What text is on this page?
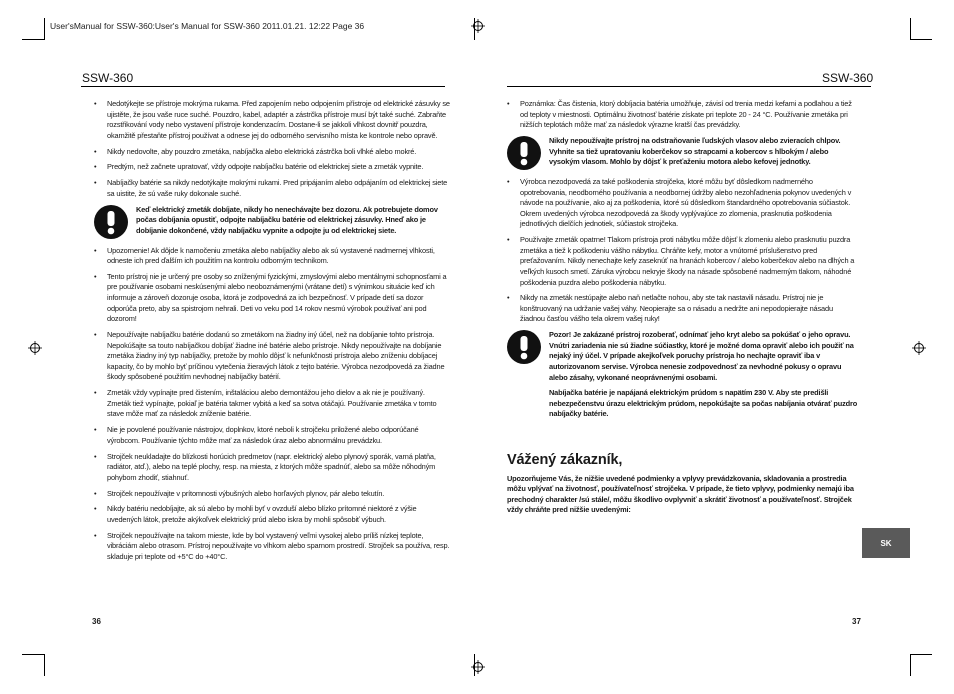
User'sManual for SSW-360:User's Manual for SSW-360 2011.01.21. 12:22 Page 36
SSW-360	SSW-360
• Nedotýkejte se přístroje mokrýma rukama. Před zapojením nebo odpojením přístroje od elektrické zásuvky se ujistěte, že jsou vaše ruce suché. Pouzdro, kabel, adaptér a zástrčka přístroje musí být také suché. Zabraňte rozstřikování vody nebo vystavení přístroje kondenzacím. Dostane-li se jakkoli vlhkost dovnitř pouzdra, okamžitě přestaňte přístroj používat a odnese jej do odborného servisního místa ke kontrole nebo opravě.
• Nikdy nedovolte, aby pouzdro zmetáka, nabíjačka alebo elektrická zástrčka boli vlhké alebo mokré.
• Predtým, než začnete upratovať, vždy odpojte nabíjačku batérie od elektrickej siete a zmeták vypnite.
• Nabíjačky batérie sa nikdy nedotýkajte mokrými rukami. Pred pripájaním alebo odpájaním od elektrickej siete sa uistite, že sú vaše ruky dokonale suché.
Keď elektrický zmeták dobíjate, nikdy ho nenechávajte bez dozoru. Ak potrebujete domov počas dobíjania opustiť, odpojte nabíjačku batérie od elektrickej zásuvky. Hneď ako je dobíjanie dokončené, vždy nabíjačku vypnite a odpojte ju od elektrickej siete.
• Upozornenie! Ak dôjde k namočeniu zmetáka alebo nabíjačky alebo ak sú vystavené nadmernej vlhkosti, odneste ich pred ďalším ich použitím na kontrolu odborným technikom.
• Tento prístroj nie je určený pre osoby so zníženými fyzickými, zmyslovými alebo mentálnymi schopnosťami a pre používanie osobami neskúsenými alebo neoboznámenými (vrátane detí) s výnimkou situácie keď ich informuje a zároveň dozoruje osoba, ktorá je zodpovedná za ich bezpečnosť. V prípade detí sa dozor odporúča preto, aby sa spistrojom nehrali. Deti vo veku pod 14 rokov nesmú výrobok používať ani pod dozorom!
• Nepoužívajte nabíjačku batérie dodanú so zmetákom na žiadny iný účel, než na dobíjanie tohto prístroja. Nepokúšajte sa touto nabíjačkou dobíjať žiadne iné batérie alebo prístroje. Nikdy nepoužívajte na dobíjanie zmetáka žiadny iný typ nabíjačky, pretože by mohlo dôjsť k nefunkčnosti prístroja alebo zníženiu dobíjacej kapacity, čo by mohlo byť príčinou vytečenia žieravých látok z tejto batérie. Výrobca nezodpovedá za žiadne škody spôsobené použitím nevhodnej nabíjačky batérií.
• Zmeták vždy vypínajte pred čistením, inštaláciou alebo demontážou jeho dielov a ak nie je používaný. Zmeták tiež vypínajte, pokiaľ je batéria takmer vybitá a keď sa sotva otáčajú. Používanie zmetáka v tomto stave môže mať za následok zníženie batérie.
• Nie je povolené používanie nástrojov, doplnkov, ktoré neboli k strojčeku priložené alebo odporúčané výrobcom. Používanie týchto môže mať za následok úraz alebo abnormálnu prevádzku.
• Strojček neukladajte do blízkosti horúcich predmetov (napr. elektrický alebo plynový sporák, varná platňa, radiátor, atď.), alebo na teplé plochy, resp. na miesta, z ktorých môže spadnúť, alebo sa môže nőhodným pohybom zhodiť, stiahnuť.
• Strojček nepoužívajte v prítomnosti výbušných alebo horľavých plynov, pár alebo tekutín.
• Nikdy batériu nedobíjajte, ak sú alebo by mohli byť v ovzduší alebo blízko prítomné niektoré z výšie uvedených látok, pretože akýkoľvek elektrický prúd alebo iskra by mohli spôsobiť výbuch.
• Strojček nepoužívajte na takom mieste, kde by bol vystavený veľmi vysokej alebo príliš nízkej teplote, vibráciám alebo otrasom. Prístroj nepoužívajte vo vlhkom alebo sparnom prostredí. Strojček sa používa, resp. skladuje pri teplote od +5°C do +40°C.
36
• Poznámka: Čas čistenia, ktorý dobíjacia batéria umožňuje, závisí od trenia medzi kefami a podlahou a tiež od teploty v miestnosti. Optimálnu životnosť batérie získate pri teplote 20 - 24 °C. Používanie zmetáka pri nižších teplotách môže mať za následok výrazne kratší čas prevádzky.
Nikdy nepoužívajte prístroj na odstraňovanie ľudských vlasov alebo zvieracích chlpov. Vyhnite sa tiež upratovaniu koberčekov so strapcami a kobercov s hlbokým / alebo vysokým vlasom. Mohlo by dôjsť k preťaženiu motora alebo kefovej jednotky.
• Výrobca nezodpovedá za také poškodenia strojčeka, ktoré môžu byť dôsledkom nadmerného opotrebovania, neodborného používania a neodbornej údržby alebo nezohľadnenia pokynov uvedených v návode na používanie, ako aj za poškodenia, ktoré sú dôsledkom štandardného opotrebovania súčiastok. Okrem uvedených výrobca nezodpovedá za škody vyplývajúce zo zlomenia, prasknutia poškodenia jednotlivých dielčích jednotiek, súčiastok strojčeka.
• Používajte zmeták opatrne! Tlakom prístroja proti nábytku môže dôjsť k zlomeniu alebo prasknutiu puzdra zmetáka a tiež k poškodeniu vášho nábytku. Chráňte kefy, motor a vnútorné príslušenstvo pred preťažovaním. Nikdy nenechajte kefy zaseknúť na hranách kobercov / alebo koberčekov alebo na dlhých a veľkých kusoch smetí. Záruka výrobcu nekryje škody na násade spôsobené nadmerným tlakom, náhodné poškodenia puzdra alebo poškodenia nábytku.
• Nikdy na zmeták nestúpajte alebo naň netlačte nohou, aby ste tak nastavili násadu. Prístroj nie je konštruovaný na udržanie vašej váhy. Neopierajte sa o násadu a nedržte ani nepodopierajte násadu žiadnou časťou vášho tela okrem vašej ruky!

Pozor! Je zakázané prístroj rozoberať, odnímať jeho kryt alebo sa pokúšať o jeho opravu. Vnútri zariadenia nie sú žiadne súčiastky, ktoré je možné doma opraviť alebo ich použiť na nejaký iný účel. V prípade akejkoľvek poruchy prístroja ho nechajte opraviť iba v autorizovanom servise. Výrobca nenesie zodpovednosť za nevhodné pokusy o opravu alebo zásahy, vykonané neoprávnenými osobami.

Nabíjačka batérie je napájaná elektrickým prúdom s napätím 230 V. Aby ste predišli nebezpečenstvu úrazu elektrickým prúdom, nepokúšajte sa počas nabíjania otvárať puzdro nabíjačky batérie.

Vážený zákazník,
Upozorňujeme Vás, že nižšie uvedené podmienky a vplyvy prevádzkovania, skladovania a prostredia môžu vplývať na životnosť, používateľnosť strojčeka. V prípade, že tieto vplyvy, podmienky nemajú iba prechodný charakter /sú stále/, môžu škodlivo ovplyvniť a skrátiť životnosť a používateľnosť. Strojček vždy chráňte pred nižšie uvedenými:
SK
37
